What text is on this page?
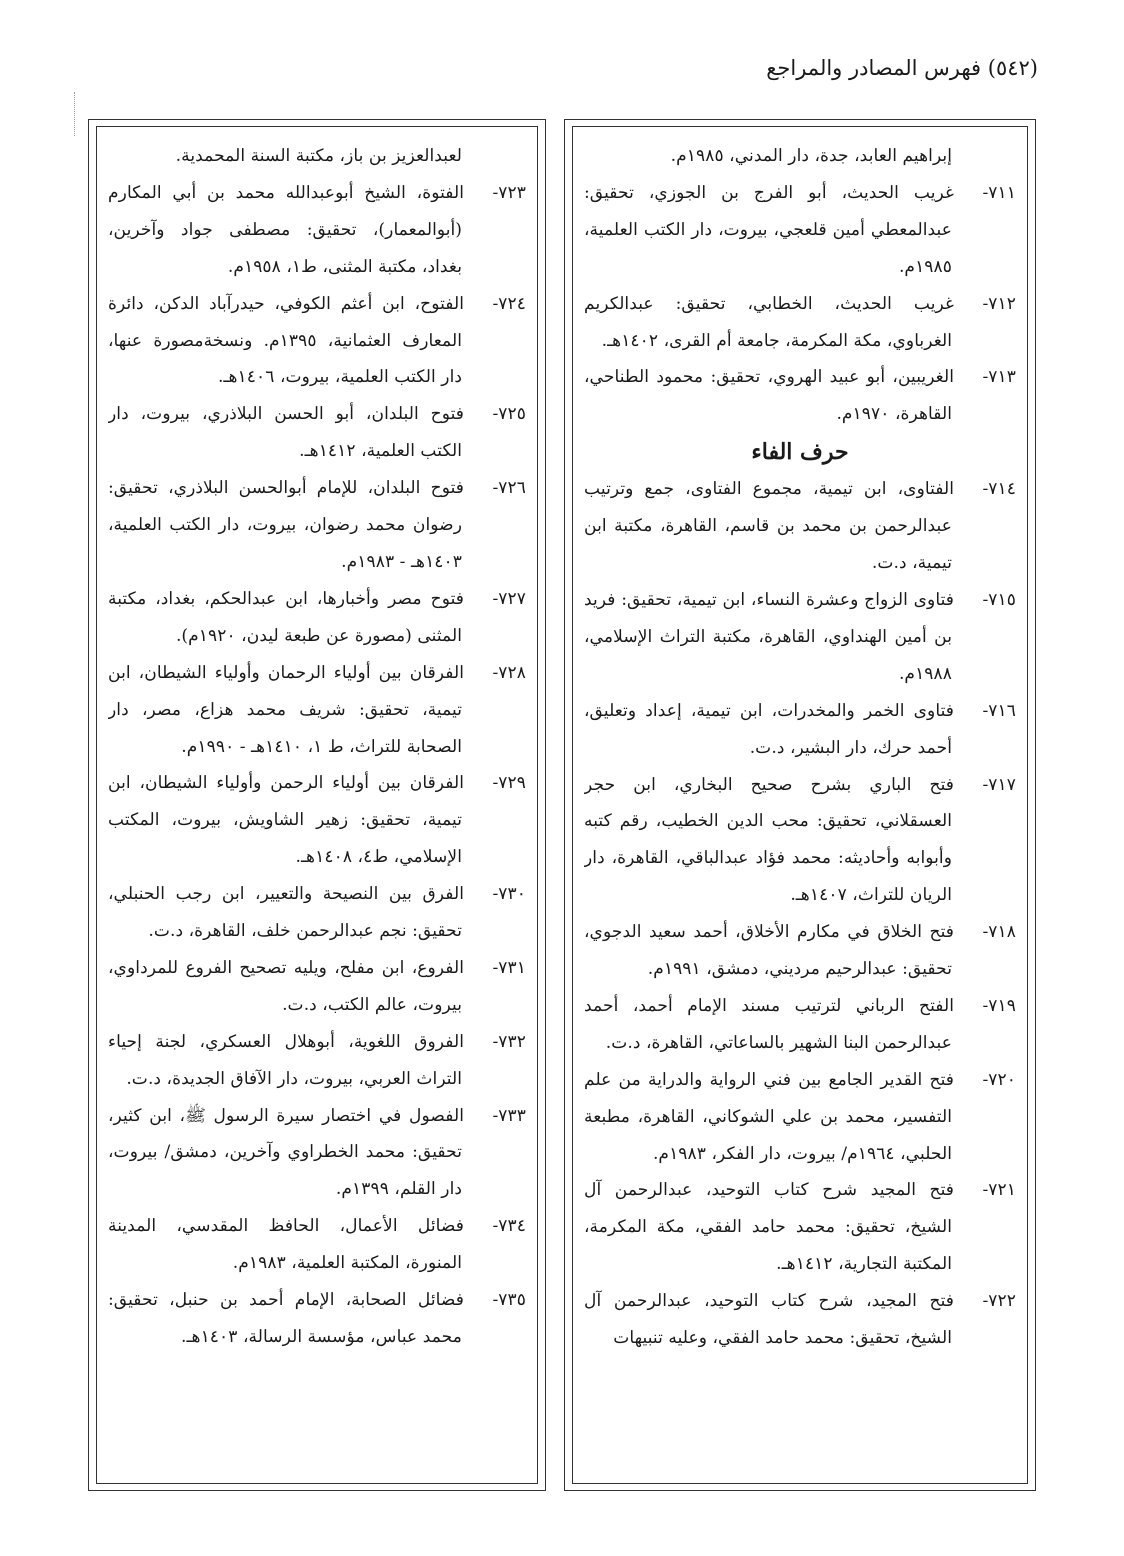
(٥٤٢) فهرس المصادر والمراجع

إبراهيم العابد، جدة، دار المدني، ١٩٨٥م.

٧١١-غريب الحديث، أبو الفرج بن الجوزي، تحقيق: عبدالمعطي أمين قلعجي، بيروت، دار الكتب العلمية، ١٩٨٥م.

٧١٢-غريب الحديث، الخطابي، تحقيق: عبدالكريم الغرباوي، مكة المكرمة، جامعة أم القرى، ١٤٠٢هـ.

٧١٣-الغريبين، أبو عبيد الهروي، تحقيق: محمود الطناحي، القاهرة، ١٩٧٠م.

حرف الفاء

٧١٤-الفتاوى، ابن تيمية، مجموع الفتاوى، جمع وترتيب عبدالرحمن بن محمد بن قاسم، القاهرة، مكتبة ابن تيمية، د.ت.

٧١٥-فتاوى الزواج وعشرة النساء، ابن تيمية، تحقيق: فريد بن أمين الهنداوي، القاهرة، مكتبة التراث الإسلامي، ١٩٨٨م.

٧١٦-فتاوى الخمر والمخدرات، ابن تيمية، إعداد وتعليق، أحمد حرك، دار البشير، د.ت.

٧١٧-فتح الباري بشرح صحيح البخاري، ابن حجر العسقلاني، تحقيق: محب الدين الخطيب، رقم كتبه وأبوابه وأحاديثه: محمد فؤاد عبدالباقي، القاهرة، دار الريان للتراث، ١٤٠٧هـ.

٧١٨-فتح الخلاق في مكارم الأخلاق، أحمد سعيد الدجوي، تحقيق: عبدالرحيم مرديني، دمشق، ١٩٩١م.

٧١٩-الفتح الرباني لترتيب مسند الإمام أحمد، أحمد عبدالرحمن البنا الشهير بالساعاتي، القاهرة، د.ت.

٧٢٠-فتح القدير الجامع بين فني الرواية والدراية من علم التفسير، محمد بن علي الشوكاني، القاهرة، مطبعة الحلبي، ١٩٦٤م/ بيروت، دار الفكر، ١٩٨٣م.

٧٢١-فتح المجيد شرح كتاب التوحيد، عبدالرحمن آل الشيخ، تحقيق: محمد حامد الفقي، مكة المكرمة، المكتبة التجارية، ١٤١٢هـ.

٧٢٢-فتح المجيد، شرح كتاب التوحيد، عبدالرحمن آل الشيخ، تحقيق: محمد حامد الفقي، وعليه تنبيهات

لعبدالعزيز بن باز، مكتبة السنة المحمدية.

٧٢٣-الفتوة، الشيخ أبوعبدالله محمد بن أبي المكارم (أبوالمعمار)، تحقيق: مصطفى جواد وآخرين، بغداد، مكتبة المثنى، ط١، ١٩٥٨م.

٧٢٤-الفتوح، ابن أعثم الكوفي، حيدرآباد الدكن، دائرة المعارف العثمانية، ١٣٩٥م. ونسخةمصورة عنها، دار الكتب العلمية، بيروت، ١٤٠٦هـ.

٧٢٥-فتوح البلدان، أبو الحسن البلاذري، بيروت، دار الكتب العلمية، ١٤١٢هـ.

٧٢٦-فتوح البلدان، للإمام أبوالحسن البلاذري، تحقيق: رضوان محمد رضوان، بيروت، دار الكتب العلمية، ١٤٠٣هـ - ١٩٨٣م.

٧٢٧-فتوح مصر وأخبارها، ابن عبدالحكم، بغداد، مكتبة المثنى (مصورة عن طبعة ليدن، ١٩٢٠م).

٧٢٨-الفرقان بين أولياء الرحمان وأولياء الشيطان، ابن تيمية، تحقيق: شريف محمد هزاع، مصر، دار الصحابة للتراث، ط ١، ١٤١٠هـ - ١٩٩٠م.

٧٢٩-الفرقان بين أولياء الرحمن وأولياء الشيطان، ابن تيمية، تحقيق: زهير الشاويش، بيروت، المكتب الإسلامي، ط٤، ١٤٠٨هـ.

٧٣٠-الفرق بين النصيحة والتعيير، ابن رجب الحنبلي، تحقيق: نجم عبدالرحمن خلف، القاهرة، د.ت.

٧٣١-الفروع، ابن مفلح، ويليه تصحيح الفروع للمرداوي، بيروت، عالم الكتب، د.ت.

٧٣٢-الفروق اللغوية، أبوهلال العسكري، لجنة إحياء التراث العربي، بيروت، دار الآفاق الجديدة، د.ت.

٧٣٣-الفصول في اختصار سيرة الرسول ﷺ، ابن كثير، تحقيق: محمد الخطراوي وآخرين، دمشق/ بيروت، دار القلم، ١٣٩٩م.

٧٣٤-فضائل الأعمال، الحافظ المقدسي، المدينة المنورة، المكتبة العلمية، ١٩٨٣م.

٧٣٥-فضائل الصحابة، الإمام أحمد بن حنبل، تحقيق: محمد عباس، مؤسسة الرسالة، ١٤٠٣هـ.
